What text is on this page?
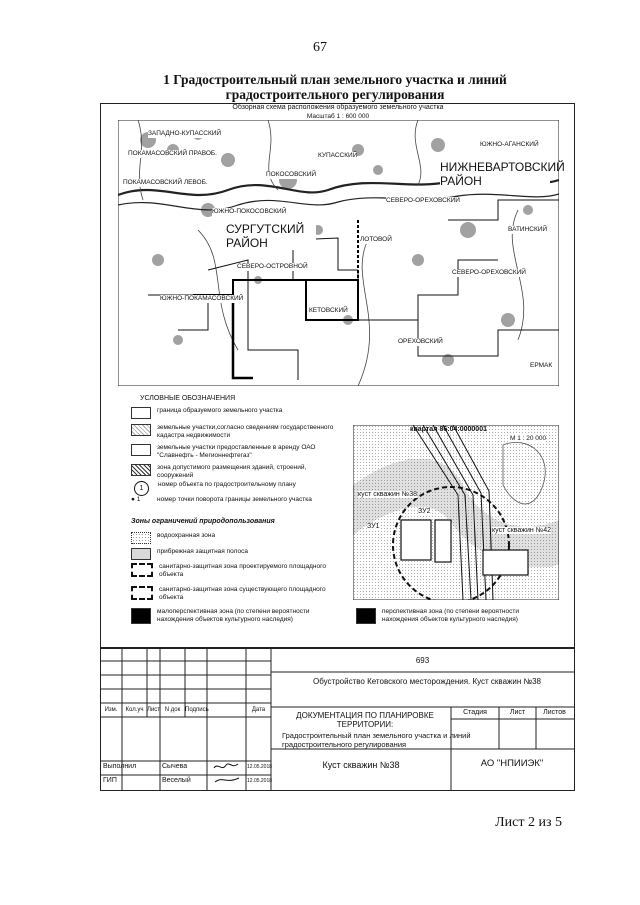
67
1 Градостроительный план земельного участка и линий градостроительного регулирования
Обзорная схема расположения образуемого земельного участка
Масштаб 1 : 600 000
ЗАПАДНО-КУПАССКИЙ
ПОКАМАСОВСКИЙ ПРАВОБ.	КУПАССКИЙ
ПОКАМАСОВСКИЙ ЛЕВОБ.
ПОКОСОВСКИЙ
ЮЖНО-АГАНСКИЙ
НИЖНЕВАРТОВСКИЙ РАЙОН
ЮЖНО-ПОКОСОВСКИЙ
СЕВЕРО-ОРЕХОВСКИЙ
СУРГУТСКИЙ РАЙОН	ЛОТОВОЙ
ВАТИНСКИЙ
СЕВЕРО-ОСТРОВНОЙ
СЕВЕРО-ОРЕХОВСКИЙ
ЮЖНО-ПОКАМАСОВСКИЙ
КЕТОВСКИЙ
ОРЕХОВСКИЙ
ЕРМАК
УСЛОВНЫЕ ОБОЗНАЧЕНИЯ
граница образуемого земельного участка
земельные участки,согласно сведениям государственного кадастра недвижимости
земельные участки предоставленные в аренду ОАО "Славнефть - Мегионнефтегаз"
зона допустимого размещения зданий, строений, сооружений
1
номер объекта по градостроительному плану
● 1	номер точки поворота границы земельного участка
Зоны ограничений природопользования
водоохранная зона
прибрежная защитная полоса
санитарно-защитная зона проектируемого площадного объекта
санитарно-защитная зона существующего площадного объекта
малоперспективная зона (по степени вероятности нахождения объектов культурного наследия)
перспективная зона (по степени вероятности нахождения объектов культурного наследия)
квартал 86:04:0000001
М 1 : 20 000
куст скважин №38
куст скважин №42
ЗУ2
ЗУ1
693
Обустройство Кетовского месторождения. Куст скважин №38
Изм.	Кол.уч Лист N док Подпись	Дата
ДОКУМЕНТАЦИЯ ПО ПЛАНИРОВКЕ ТЕРРИТОРИИ:
Градостроительный план земельного участка и линий градостроительного регулирования
Стадия	Лист	Листов
Куст скважин №38	АО "НПИИЭК"
Выполнил	Сычева	12.05.2018
ГИП	Веселый	12.05.2018
Лист 2 из 5
